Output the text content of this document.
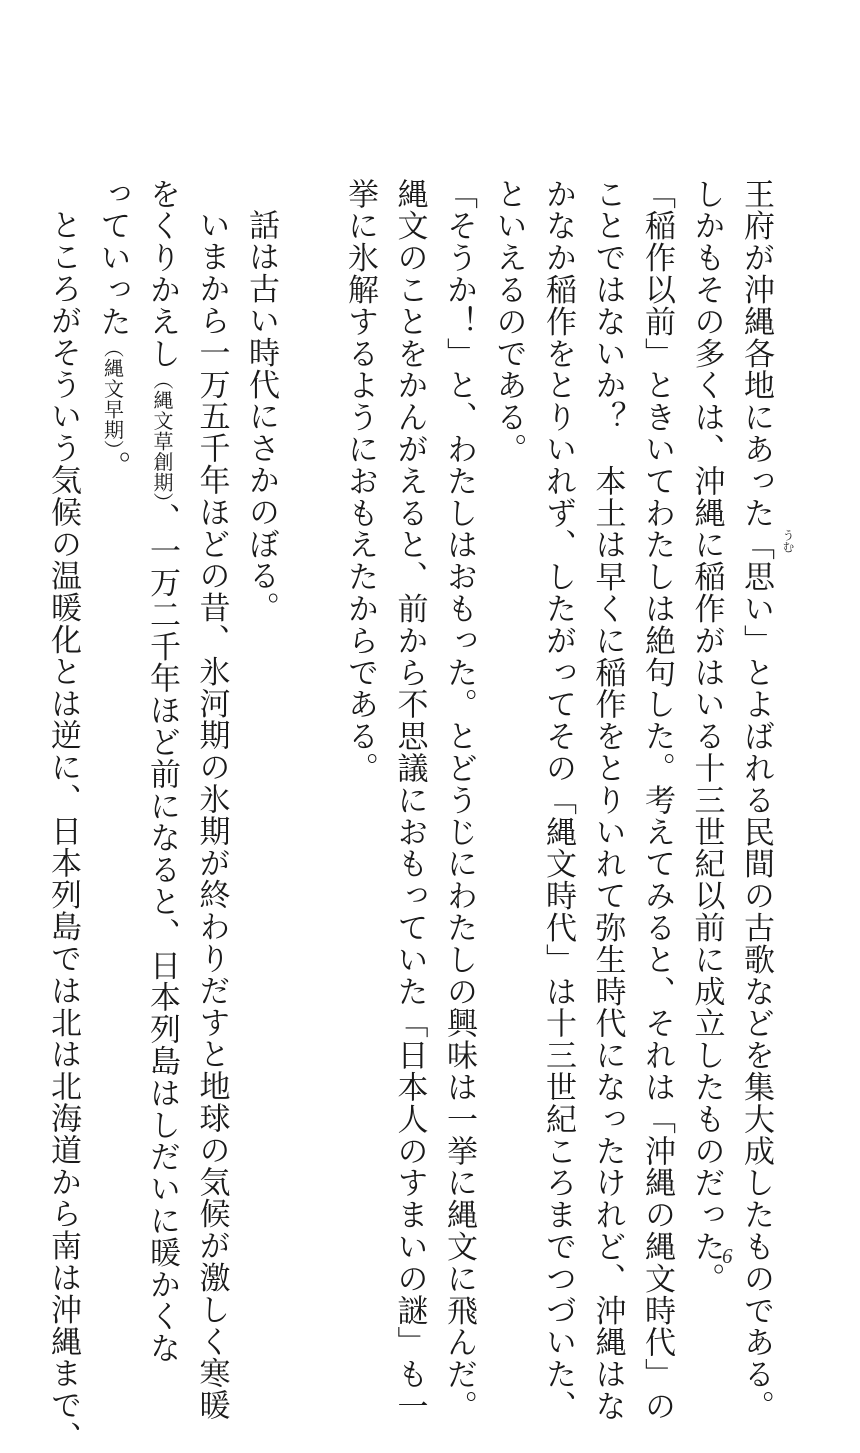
王府が沖縄各地にあった「思い」 うむ
とよばれる民間の古歌などを集大成したものである。
しかもその多くは、沖縄に稲作がはいる十三世紀以前に成立したものだった。
「稲作以前」ときいてわたしは絶句した。考えてみると、それは「沖縄の縄文時代」の
ことではないか？　本土は早くに稲作をとりいれて弥生時代になったけれど、沖縄はな
かなか稲作をとりいれず、したがってその「縄文時代」は十三世紀ころまでつづいた、
といえるのである。
「そうか！」と、わたしはおもった。とどうじにわたしの興味は一挙に縄文に飛んだ。
縄文のことをかんがえると、前から不思議におもっていた「日本人のすまいの謎」も一
挙に氷解するようにおもえたからである。
話は古い時代にさかのぼる。
いまから一万五千年ほどの昔、氷河期の氷期が終わりだすと地球の気候が激しく寒暖
をくりかえし（縄文草創期）、一万二千年ほど前になると、日本列島はしだいに暖かくな
っていった（縄文早期）。
ところがそういう気候の温暖化とは逆に、日本列島では北は北海道から南は沖縄まで、	6
